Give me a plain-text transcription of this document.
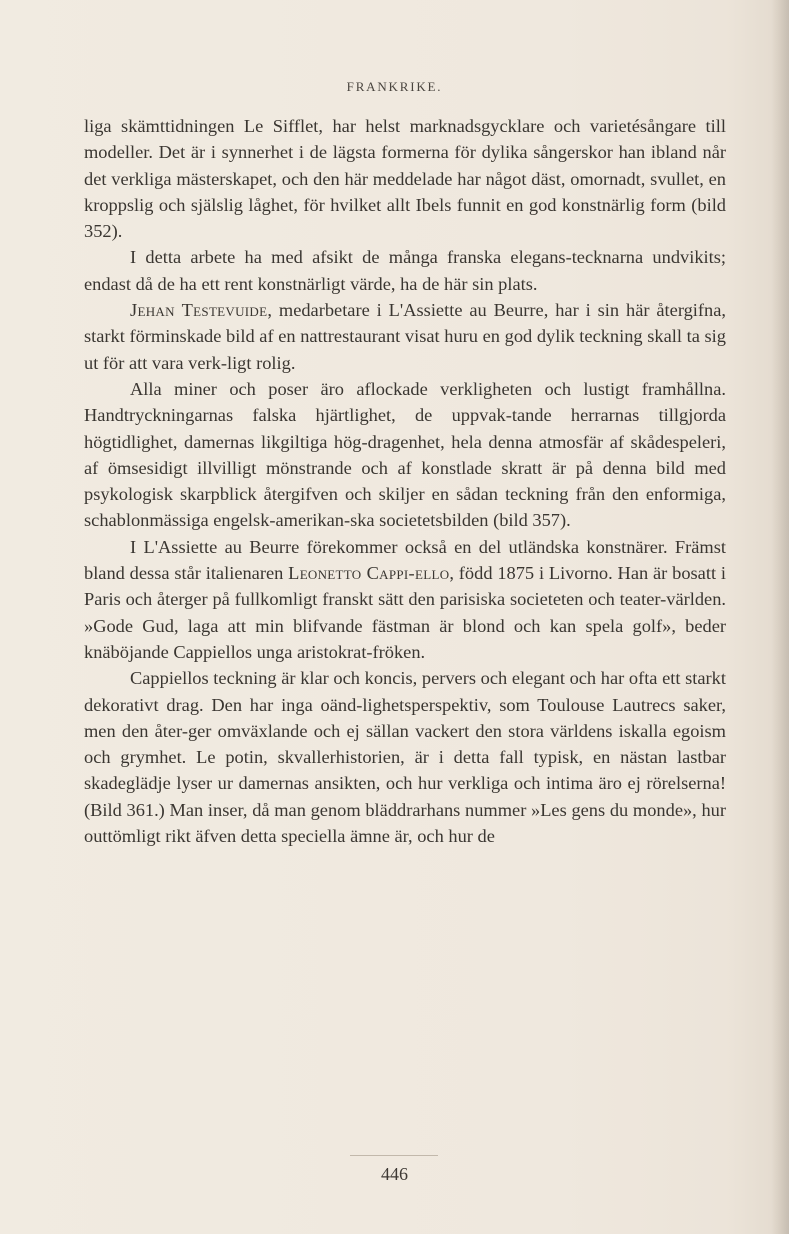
FRANKRIKE.

liga skämttidningen Le Sifflet, har helst marknadsgycklare och varietésångare till modeller. Det är i synnerhet i de lägsta formerna för dylika sångerskor han ibland når det verkliga mästerskapet, och den här meddelade har något däst, omornadt, svullet, en kroppslig och själslig låghet, för hvilket allt Ibels funnit en god konstnärlig form (bild 352).

I detta arbete ha med afsikt de många franska elegans-tecknarna undvikits; endast då de ha ett rent konstnärligt värde, ha de här sin plats.

Jehan Testevuide, medarbetare i L'Assiette au Beurre, har i sin här återgifna, starkt förminskade bild af en nattrestaurant visat huru en god dylik teckning skall ta sig ut för att vara verk-ligt rolig.

Alla miner och poser äro aflockade verkligheten och lustigt framhållna. Handtryckningarnas falska hjärtlighet, de uppvak-tande herrarnas tillgjorda högtidlighet, damernas likgiltiga hög-dragenhet, hela denna atmosfär af skådespeleri, af ömsesidigt illvilligt mönstrande och af konstlade skratt är på denna bild med psykologisk skarpblick återgifven och skiljer en sådan teckning från den enformiga, schablonmässiga engelsk-amerikan-ska societetsbilden (bild 357).

I L'Assiette au Beurre förekommer också en del utländska konstnärer. Främst bland dessa står italienaren Leonetto Cappi-ello, född 1875 i Livorno. Han är bosatt i Paris och återger på fullkomligt franskt sätt den parisiska societeten och teater-världen. »Gode Gud, laga att min blifvande fästman är blond och kan spela golf», beder knäböjande Cappiellos unga aristokrat-fröken.

Cappiellos teckning är klar och koncis, pervers och elegant och har ofta ett starkt dekorativt drag. Den har inga oänd-lighetsperspektiv, som Toulouse Lautrecs saker, men den åter-ger omväxlande och ej sällan vackert den stora världens iskalla egoism och grymhet. Le potin, skvallerhistorien, är i detta fall typisk, en nästan lastbar skadeglädje lyser ur damernas ansikten, och hur verkliga och intima äro ej rörelserna! (Bild 361.) Man inser, då man genom bläddrarhans nummer »Les gens du monde», hur outtömligt rikt äfven detta speciella ämne är, och hur de

446
